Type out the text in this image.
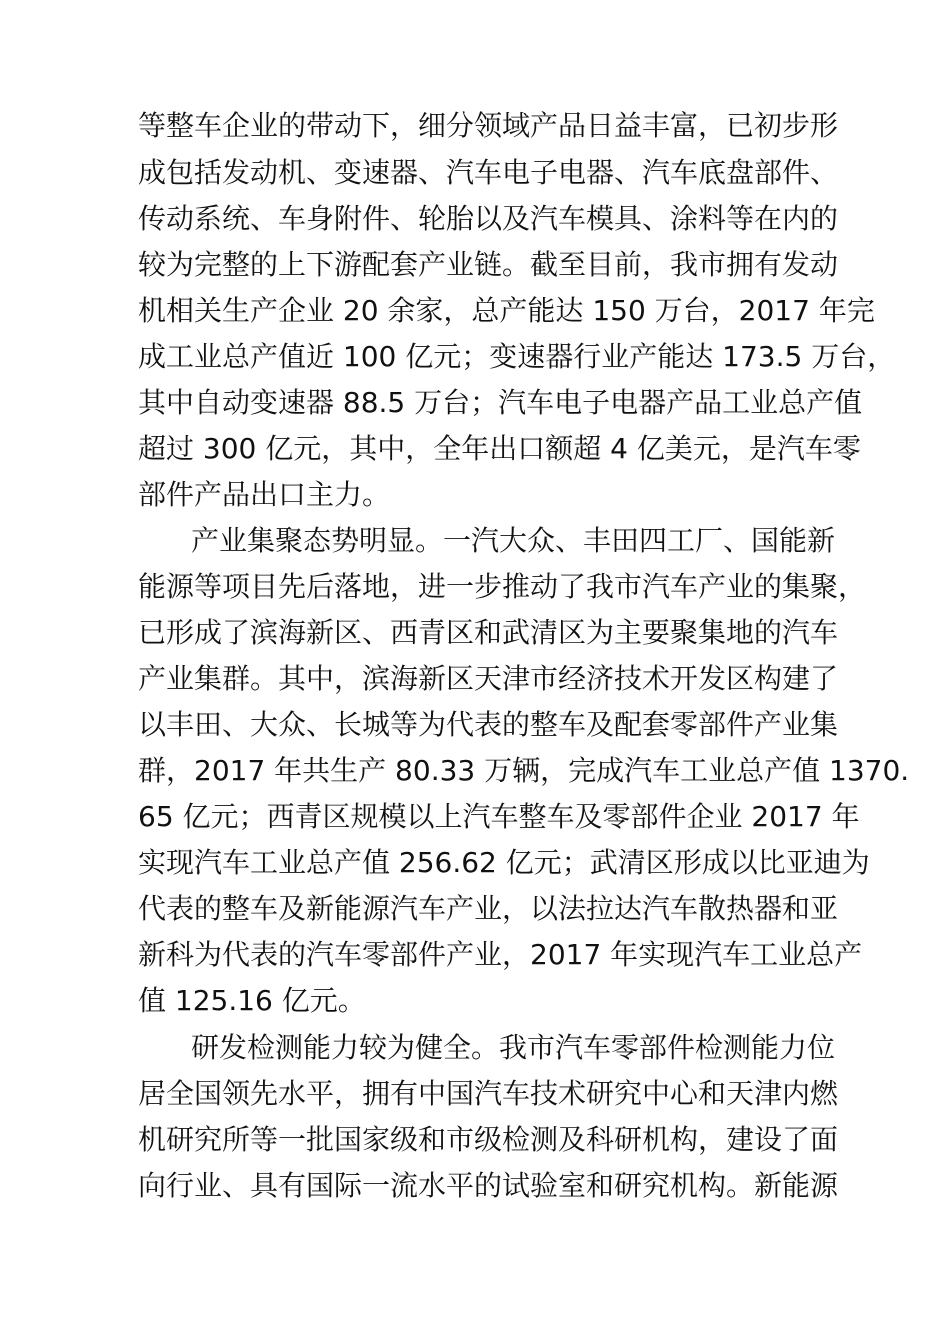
等整车企业的带动下，细分领域产品日益丰富，已初步形
成包括发动机、变速器、汽车电子电器、汽车底盘部件、
传动系统、车身附件、轮胎以及汽车模具、涂料等在内的
较为完整的上下游配套产业链。截至目前，我市拥有发动
机相关生产企业 20 余家，总产能达 150 万台，2017 年完
成工业总产值近 100 亿元；变速器行业产能达 173.5 万台，
其中自动变速器 88.5 万台；汽车电子电器产品工业总产值
超过 300 亿元，其中，全年出口额超 4 亿美元，是汽车零
部件产品出口主力。
产业集聚态势明显。一汽大众、丰田四工厂、国能新
能源等项目先后落地，进一步推动了我市汽车产业的集聚，
已形成了滨海新区、西青区和武清区为主要聚集地的汽车
产业集群。其中，滨海新区天津市经济技术开发区构建了
以丰田、大众、长城等为代表的整车及配套零部件产业集
群，2017 年共生产 80.33 万辆，完成汽车工业总产值 1370.
65 亿元；西青区规模以上汽车整车及零部件企业 2017 年
实现汽车工业总产值 256.62 亿元；武清区形成以比亚迪为
代表的整车及新能源汽车产业，以法拉达汽车散热器和亚
新科为代表的汽车零部件产业，2017 年实现汽车工业总产
值 125.16 亿元。
研发检测能力较为健全。我市汽车零部件检测能力位
居全国领先水平，拥有中国汽车技术研究中心和天津内燃
机研究所等一批国家级和市级检测及科研机构，建设了面
向行业、具有国际一流水平的试验室和研究机构。新能源
